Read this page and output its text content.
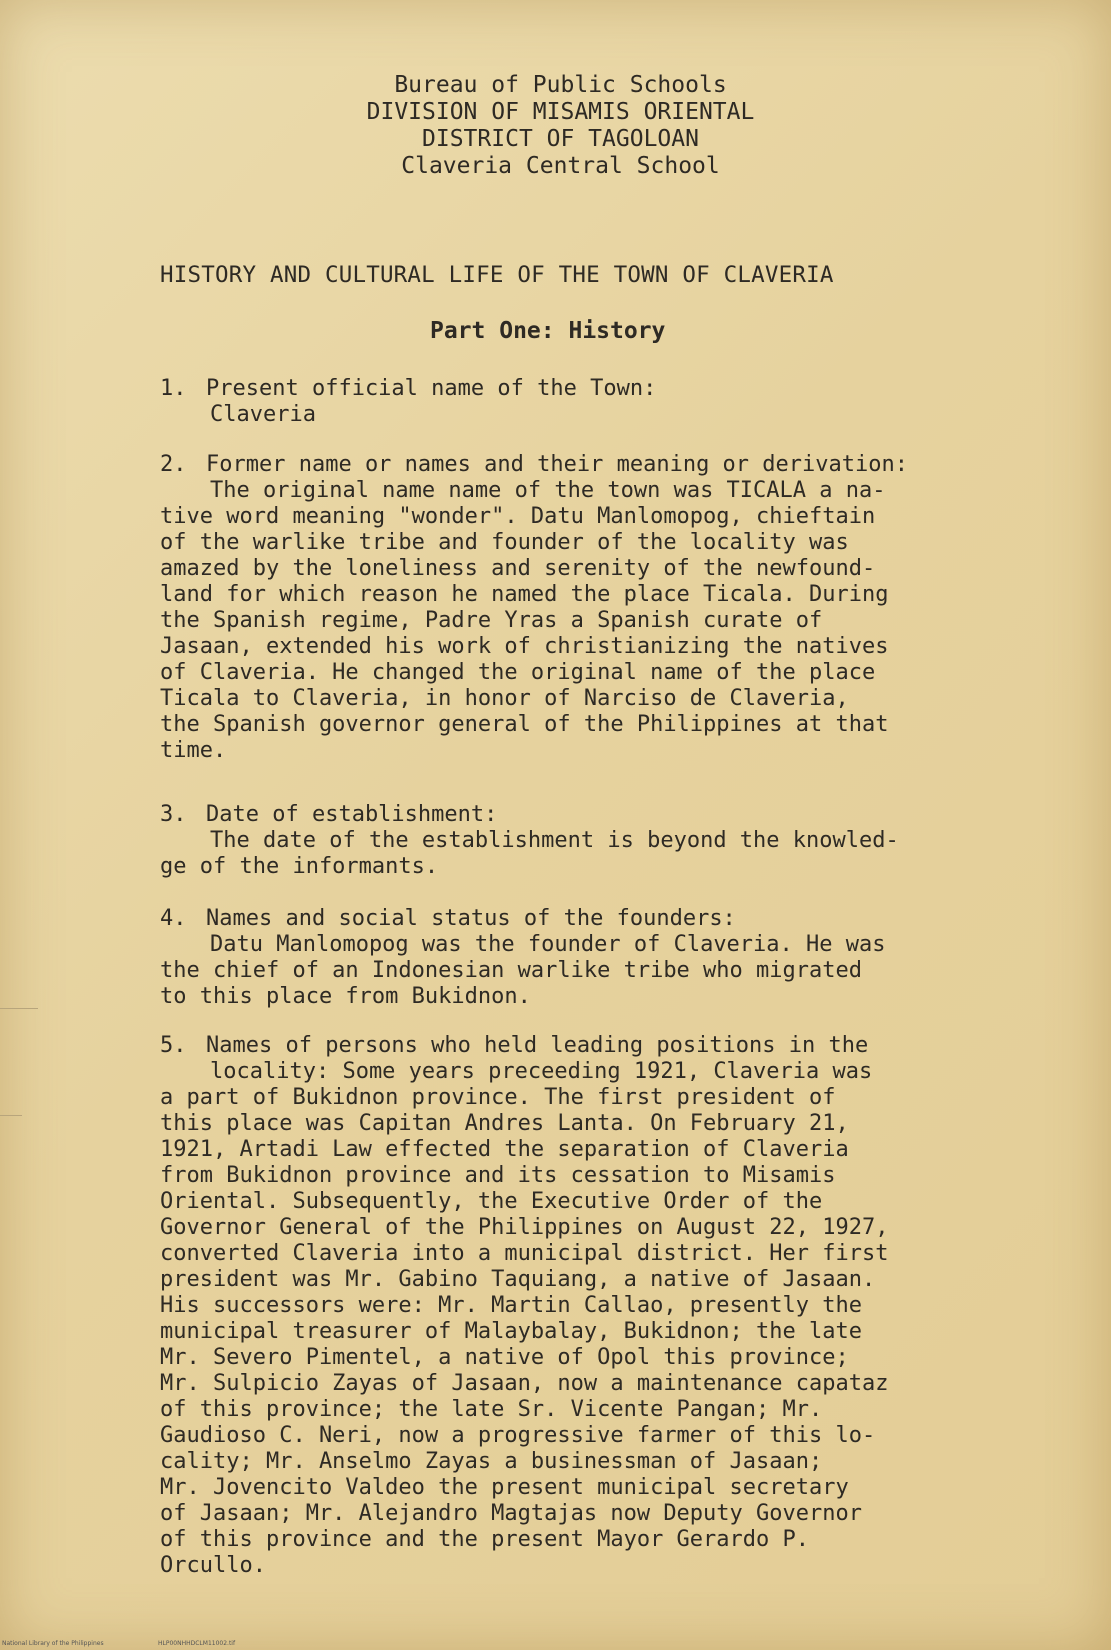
Bureau of Public Schools
DIVISION OF MISAMIS ORIENTAL
DISTRICT OF TAGOLOAN
Claveria Central School
HISTORY AND CULTURAL LIFE OF THE TOWN OF CLAVERIA
Part One: History
1. Present official name of the Town:
Claveria
2. Former name or names and their meaning or derivation:
The original name name of the town was TICALA a na-
tive word meaning "wonder". Datu Manlomopog, chieftain
of the warlike tribe and founder of the locality was
amazed by the loneliness and serenity of the newfound-
land for which reason he named the place Ticala. During
the Spanish regime, Padre Yras a Spanish curate of
Jasaan, extended his work of christianizing the natives
of Claveria. He changed the original name of the place
Ticala to Claveria, in honor of Narciso de Claveria,
the Spanish governor general of the Philippines at that
time.
3. Date of establishment:
The date of the establishment is beyond the knowled-
ge of the informants.
4. Names and social status of the founders:
Datu Manlomopog was the founder of Claveria. He was
the chief of an Indonesian warlike tribe who migrated
to this place from Bukidnon.
5. Names of persons who held leading positions in the
locality: Some years preceeding 1921, Claveria was
a part of Bukidnon province. The first president of
this place was Capitan Andres Lanta. On February 21,
1921, Artadi Law effected the separation of Claveria
from Bukidnon province and its cessation to Misamis
Oriental. Subsequently, the Executive Order of the
Governor General of the Philippines on August 22, 1927,
converted Claveria into a municipal district. Her first
president was Mr. Gabino Taquiang, a native of Jasaan.
His successors were: Mr. Martin Callao, presently the
municipal treasurer of Malaybalay, Bukidnon; the late
Mr. Severo Pimentel, a native of Opol this province;
Mr. Sulpicio Zayas of Jasaan, now a maintenance capataz
of this province; the late Sr. Vicente Pangan; Mr.
Gaudioso C. Neri, now a progressive farmer of this lo-
cality; Mr. Anselmo Zayas a businessman of Jasaan;
Mr. Jovencito Valdeo the present municipal secretary
of Jasaan; Mr. Alejandro Magtajas now Deputy Governor
of this province and the present Mayor Gerardo P.
Orcullo.
National Library of the Philippines	HLP00NHHDCLM11002.tif
